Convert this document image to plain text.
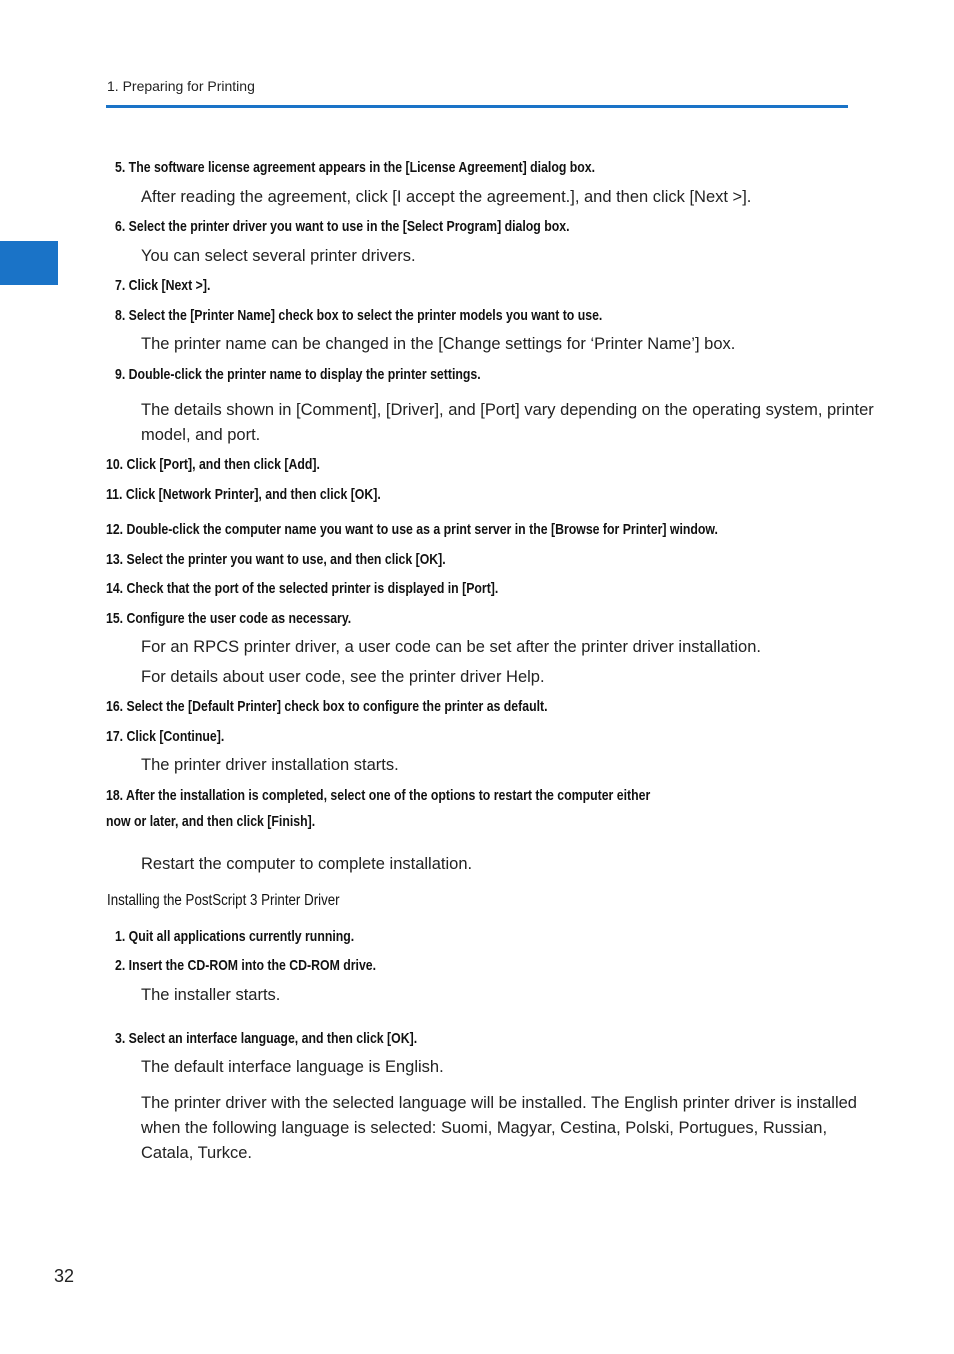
1. Preparing for Printing
5. The software license agreement appears in the [License Agreement] dialog box.
After reading the agreement, click [I accept the agreement.], and then click [Next >].
6. Select the printer driver you want to use in the [Select Program] dialog box.
You can select several printer drivers.
7. Click [Next >].
8. Select the [Printer Name] check box to select the printer models you want to use.
The printer name can be changed in the [Change settings for ‘Printer Name’] box.
9. Double-click the printer name to display the printer settings.
The details shown in [Comment], [Driver], and [Port] vary depending on the operating system, printer model, and port.
10. Click [Port], and then click [Add].
11. Click [Network Printer], and then click [OK].
12. Double-click the computer name you want to use as a print server in the [Browse for Printer] window.
13. Select the printer you want to use, and then click [OK].
14. Check that the port of the selected printer is displayed in [Port].
15. Configure the user code as necessary.
For an RPCS printer driver, a user code can be set after the printer driver installation.
For details about user code, see the printer driver Help.
16. Select the [Default Printer] check box to configure the printer as default.
17. Click [Continue].
The printer driver installation starts.
18. After the installation is completed, select one of the options to restart the computer either
now or later, and then click [Finish].
Restart the computer to complete installation.
Installing the PostScript 3 Printer Driver
1. Quit all applications currently running.
2. Insert the CD-ROM into the CD-ROM drive.
The installer starts.
3. Select an interface language, and then click [OK].
The default interface language is English.
The printer driver with the selected language will be installed. The English printer driver is installed when the following language is selected: Suomi, Magyar, Cestina, Polski, Portugues, Russian, Catala, Turkce.
32
